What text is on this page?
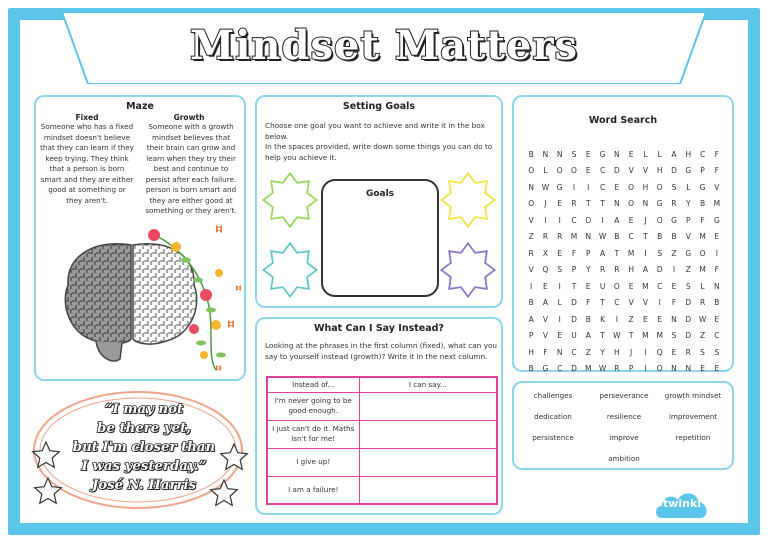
Mindset Matters
Maze
Fixed	Growth
Someone who has a fixed mindset doesn't believe that they can learn if they keep trying. They think that a person is born smart and they are either good at something or they aren't.
Someone with a growth mindset believes that their brain can grow and learn when they try their best and continue to persist after each failure. person is born smart and they are either good at something or they aren't.
Setting Goals
Choose one goal you want to achieve and write it in the box below.
In the spaces provided, write down some things you can do to help you achieve it.
Goals
What Can I Say Instead?
Looking at the phrases in the first column (fixed), what can you say to yourself instead (growth)? Write it in the next column.
Instead of...	I can say...
I'm never going to be good enough.	
I just can't do it. Maths isn't for me!	
I give up!	
I am a failure!	
Word Search
B	N	N	S	E	G	N	E	L	L	A	H	C	F
O	L	O	O	E	C	D	V	V	H	D	G	P	F
N	W	G	I	I	C	E	O	H	O	S	L	G	V
O	J	E	R	T	T	N	O	N	G	R	Y	B	M
V	I	I	C	O	I	A	E	J	O	G	P	F	G
Z	R	R	M	N	W	B	C	T	B	B	V	M	E
R	X	E	F	P	A	T	M	I	S	Z	G	O	I
V	Q	S	P	Y	R	R	H	A	D	I	Z	M	F
I	E	I	T	E	U	O	E	M	C	E	S	L	N
B	A	L	D	F	T	C	V	V	I	F	D	R	B
A	V	I	D	B	K	I	Z	E	E	N	D	W	E
P	V	E	U	A	T	W	T	M	M	S	D	Z	C
H	F	N	C	Z	Y	H	J	I	Q	E	R	S	S
B	G	C	D	M W	R	P	I	O	N	N	E	E
challenges	perseverance	growth mindset
dedication	resilience	improvement
persistence	improve	repetition
ambition
“I may not
be there yet,
but I'm closer than
I was yesterday.”
José N. Harris
twinkl
